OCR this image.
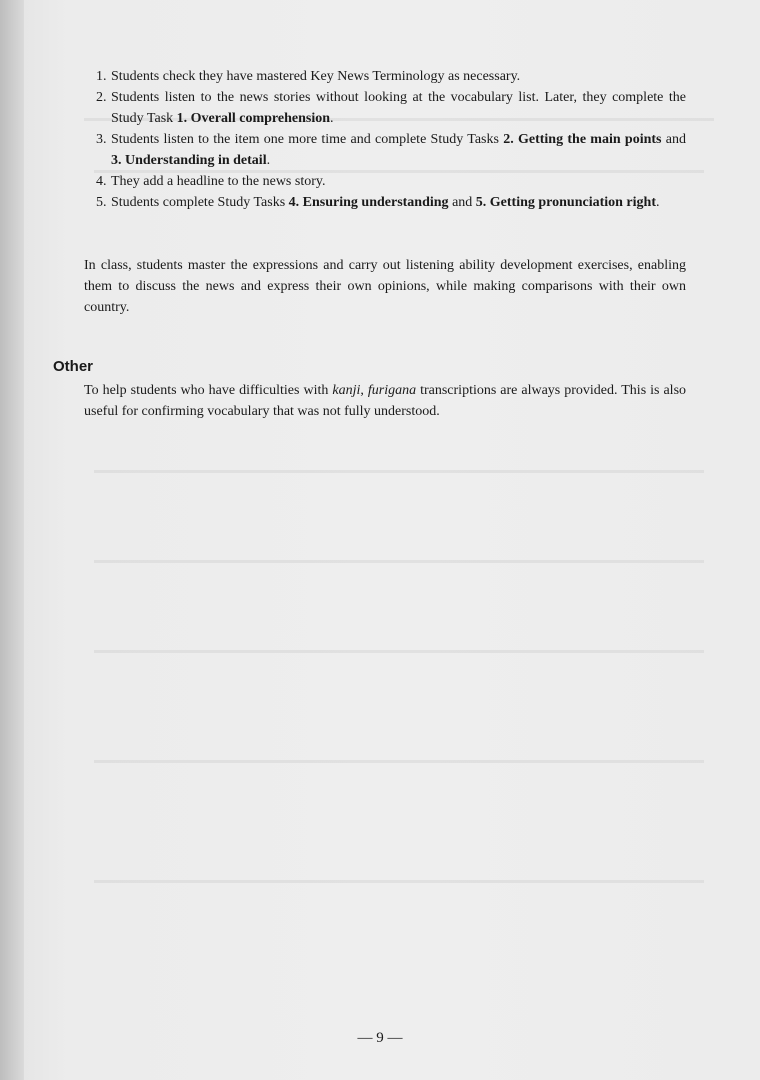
1. Students check they have mastered Key News Terminology as necessary.
2. Students listen to the news stories without looking at the vocabulary list. Later, they complete the Study Task 1. Overall comprehension.
3. Students listen to the item one more time and complete Study Tasks 2. Getting the main points and 3. Understanding in detail.
4. They add a headline to the news story.
5. Students complete Study Tasks 4. Ensuring understanding and 5. Getting pronunciation right.

In class, students master the expressions and carry out listening ability development exercises, enabling them to discuss the news and express their own opinions, while making comparisons with their own country.

Other

To help students who have difficulties with kanji, furigana transcriptions are always provided. This is also useful for confirming vocabulary that was not fully understood.

— 9 —
